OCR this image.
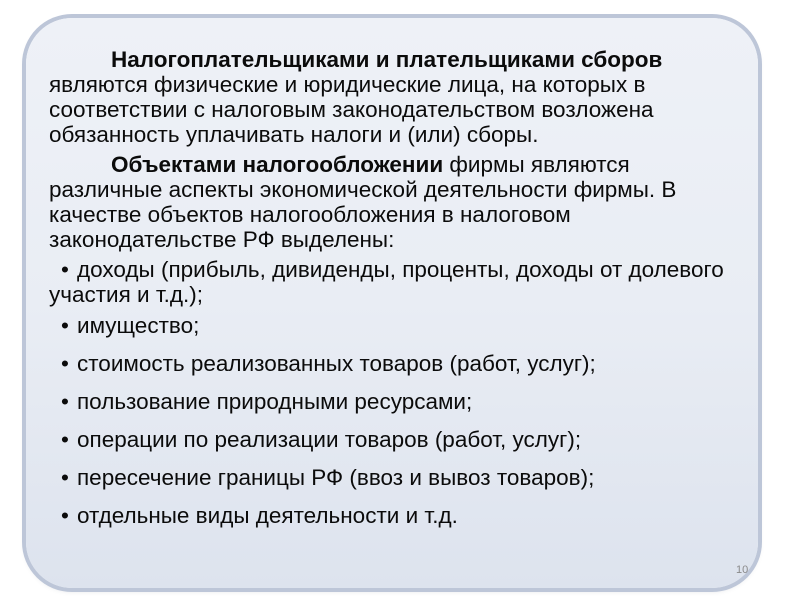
Налогоплательщиками и плательщиками сборов являются физические и юридические лица, на которых в соответствии с налоговым законодательством возложена обязанность уплачивать налоги и (или) сборы.

Объектами налогообложении фирмы являются различные аспекты экономической деятельности фирмы. В качестве объектов налогообложения в налоговом законодательстве РФ выделены:

• доходы (прибыль, дивиденды, проценты, доходы от долевого участия и т.д.);
• имущество;
• стоимость реализованных товаров (работ, услуг);
• пользование природными ресурсами;
• операции по реализации товаров (работ, услуг);
• пересечение границы РФ (ввоз и вывоз товаров);
• отдельные виды деятельности и т.д.
10
